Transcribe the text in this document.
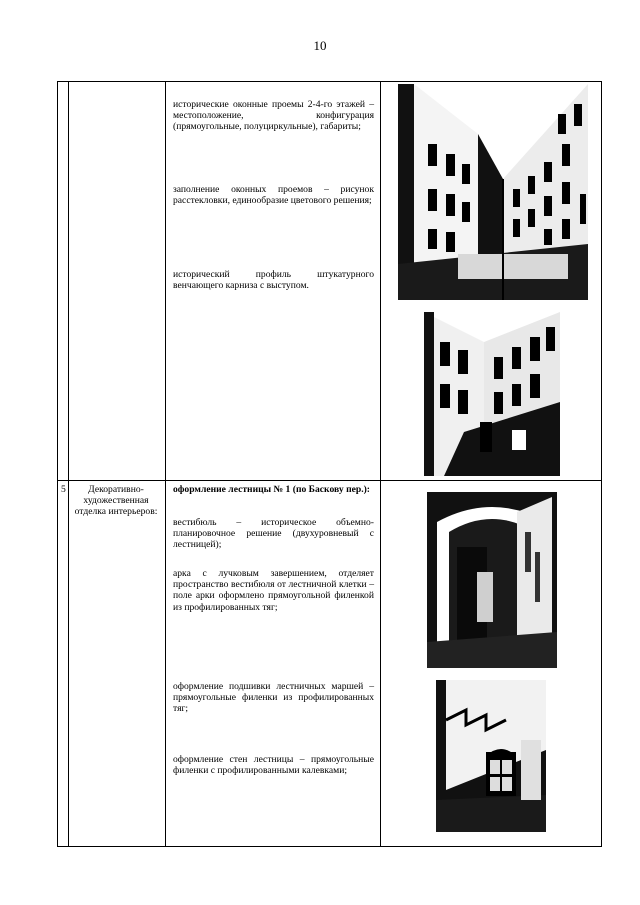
10
исторические оконные проемы 2-4-го этажей – местоположение, конфигурация (прямоугольные, полуциркульные), габариты;
заполнение оконных проемов – рисунок расстекловки, единообразие цветового решения;
исторический профиль штукатурного венчающего карниза с выступом.
5	Декоративно-художественная отделка интерьеров:
оформление лестницы № 1 (по Баскову пер.):
вестибюль – историческое объемно-планировочное решение (двухуровневый с лестницей);
арка с лучковым завершением, отделяет пространство вестибюля от лестничной клетки – поле арки оформлено прямоугольной филенкой из профилированных тяг;
оформление подшивки лестничных маршей – прямоугольные филенки из профилированных тяг;
оформление стен лестницы – прямоугольные филенки с профилированными калевками;
